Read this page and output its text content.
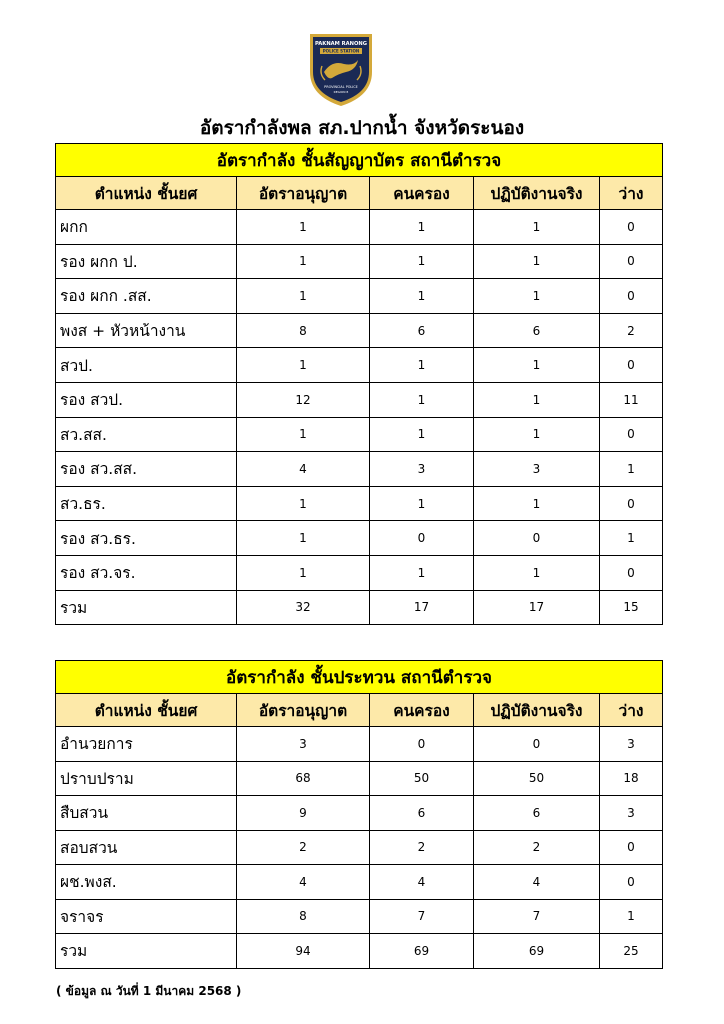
PAKNAM RANONG
POLICE STATION
PROVINCIAL POLICE
REGION 8
อัตรากำลังพล สภ.ปากน้ำ จังหวัดระนอง
อัตรากำลัง ชั้นสัญญาบัตร สถานีตำรวจ				
ตำแหน่ง ชั้นยศ	อัตราอนุญาต	คนครอง	ปฏิบัติงานจริง	ว่าง
ผกก	1	1	1	0
รอง ผกก ป.	1	1	1	0
รอง ผกก .สส.	1	1	1	0
พงส + หัวหน้างาน	8	6	6	2
สวป.	1	1	1	0
รอง สวป.	12	1	1	11
สว.สส.	1	1	1	0
รอง สว.สส.	4	3	3	1
สว.ธร.	1	1	1	0
รอง สว.ธร.	1	0	0	1
รอง สว.จร.	1	1	1	0
รวม	32	17	17	15
อัตรากำลัง ชั้นประทวน สถานีตำรวจ				
ตำแหน่ง ชั้นยศ	อัตราอนุญาต	คนครอง	ปฏิบัติงานจริง	ว่าง
อำนวยการ	3	0	0	3
ปราบปราม	68	50	50	18
สืบสวน	9	6	6	3
สอบสวน	2	2	2	0
ผช.พงส.	4	4	4	0
จราจร	8	7	7	1
รวม	94	69	69	25
( ข้อมูล ณ วันที่ 1 มีนาคม 2568 )
